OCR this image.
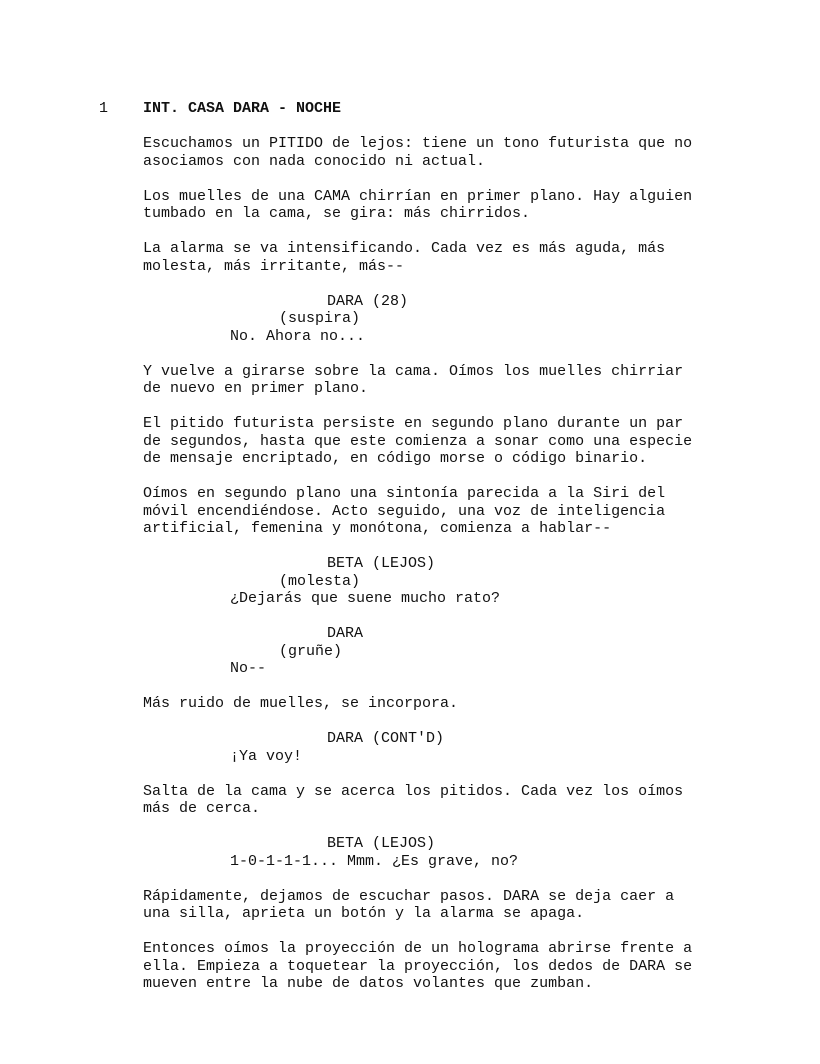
1 INT. CASA DARA - NOCHE

Escuchamos un PITIDO de lejos: tiene un tono futurista que no
asociamos con nada conocido ni actual.

Los muelles de una CAMA chirrían en primer plano. Hay alguien
tumbado en la cama, se gira: más chirridos.

La alarma se va intensificando. Cada vez es más aguda, más
molesta, más irritante, más--

DARA (28)
(suspira)
No. Ahora no...

Y vuelve a girarse sobre la cama. Oímos los muelles chirriar
de nuevo en primer plano.

El pitido futurista persiste en segundo plano durante un par
de segundos, hasta que este comienza a sonar como una especie
de mensaje encriptado, en código morse o código binario.

Oímos en segundo plano una sintonía parecida a la Siri del
móvil encendiéndose. Acto seguido, una voz de inteligencia
artificial, femenina y monótona, comienza a hablar--

BETA (LEJOS)
(molesta)
¿Dejarás que suene mucho rato?
DARA
(gruñe)
No--

Más ruido de muelles, se incorpora.

DARA (CONT'D)
¡Ya voy!

Salta de la cama y se acerca los pitidos. Cada vez los oímos
más de cerca.

BETA (LEJOS)
1-0-1-1-1... Mmm. ¿Es grave, no?

Rápidamente, dejamos de escuchar pasos. DARA se deja caer a
una silla, aprieta un botón y la alarma se apaga.

Entonces oímos la proyección de un holograma abrirse frente a
ella. Empieza a toquetear la proyección, los dedos de DARA se
mueven entre la nube de datos volantes que zumban.
